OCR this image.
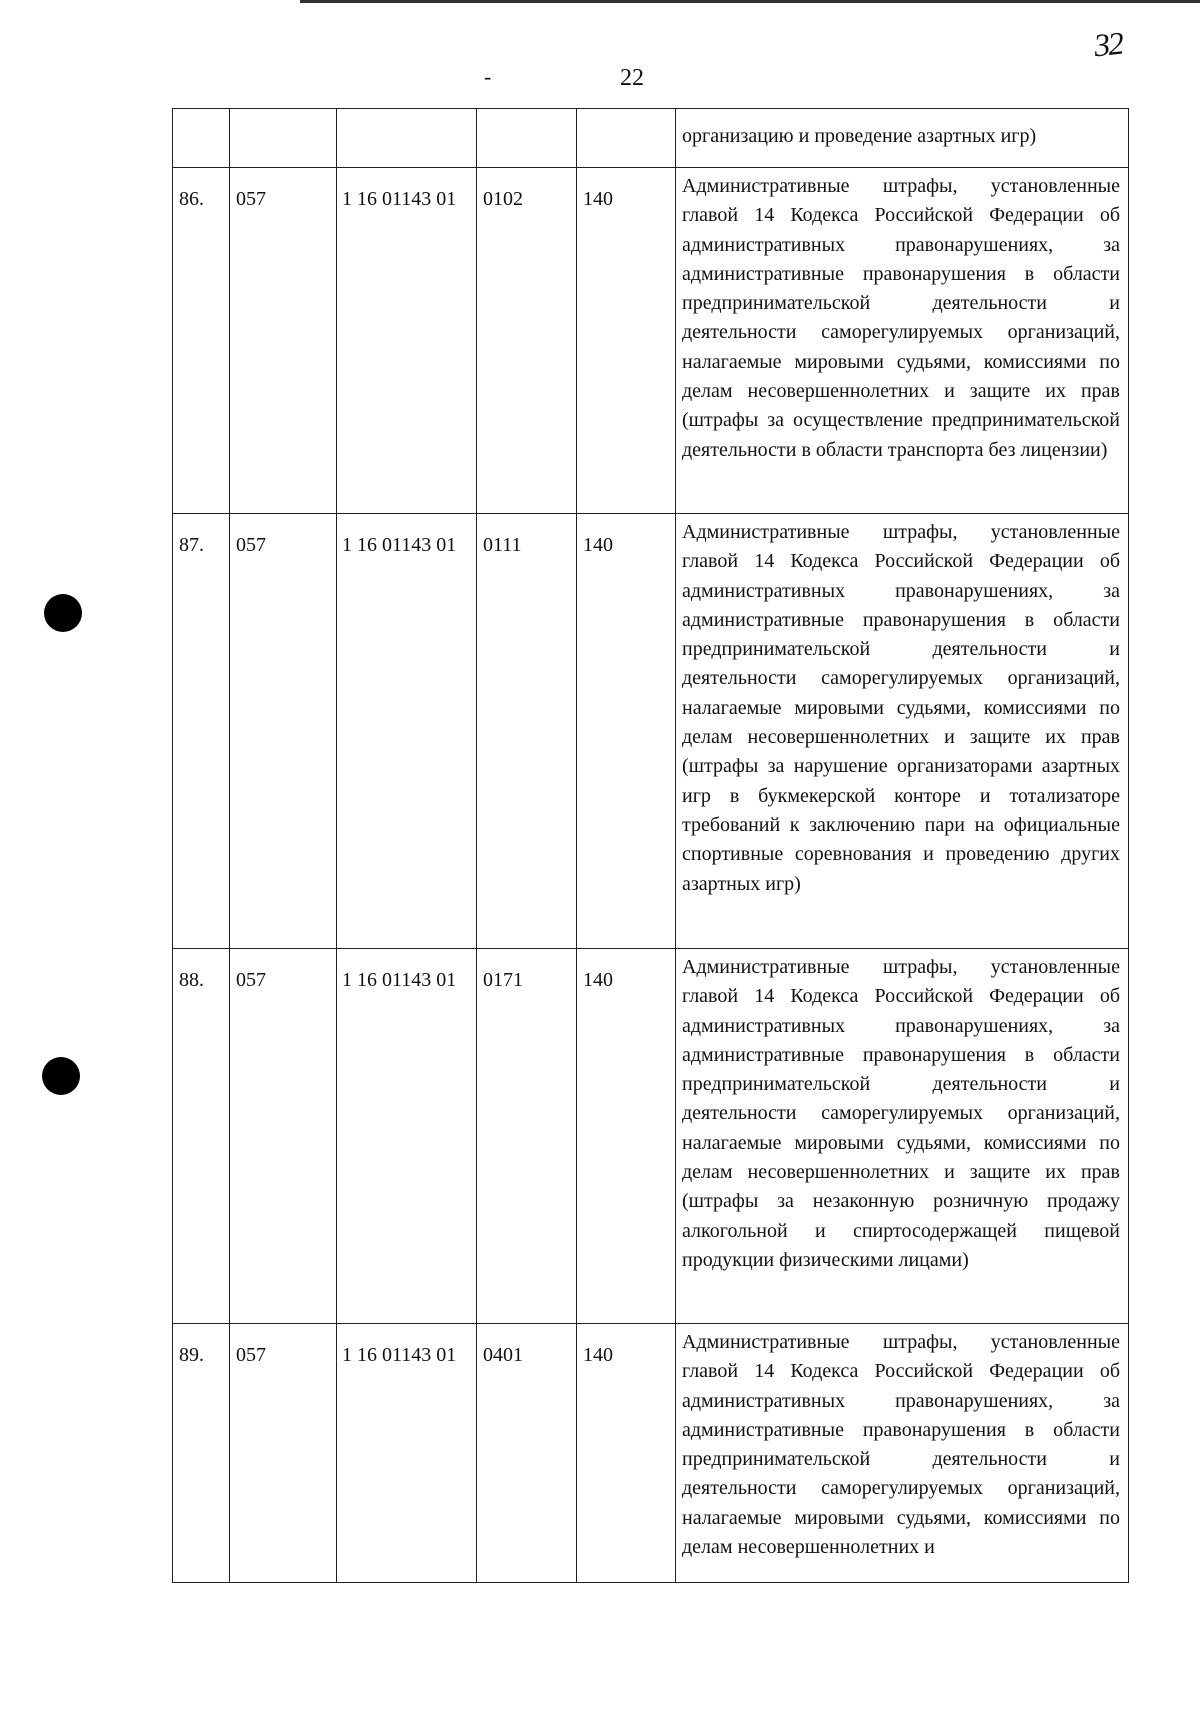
-	22
32
					организацию и проведение азартных игр)
86.	057	1 16 01143 01	0102	140	Административные штрафы, установленные главой 14 Кодекса Российской Федерации об административных правонарушениях, за административные правонарушения в области предпринимательской деятельности и деятельности саморегулируемых организаций, налагаемые мировыми судьями, комиссиями по делам несовершеннолетних и защите их прав (штрафы за осуществление предпринимательской деятельности в области транспорта без лицензии)
87.	057	1 16 01143 01	0111	140	Административные штрафы, установленные главой 14 Кодекса Российской Федерации об административных правонарушениях, за административные правонарушения в области предпринимательской деятельности и деятельности саморегулируемых организаций, налагаемые мировыми судьями, комиссиями по делам несовершеннолетних и защите их прав (штрафы за нарушение организаторами азартных игр в букмекерской конторе и тотализаторе требований к заключению пари на официальные спортивные соревнования и проведению других азартных игр)
88.	057	1 16 01143 01	0171	140	Административные штрафы, установленные главой 14 Кодекса Российской Федерации об административных правонарушениях, за административные правонарушения в области предпринимательской деятельности и деятельности саморегулируемых организаций, налагаемые мировыми судьями, комиссиями по делам несовершеннолетних и защите их прав (штрафы за незаконную розничную продажу алкогольной и спиртосодержащей пищевой продукции физическими лицами)
89.	057	1 16 01143 01	0401	140	Административные штрафы, установленные главой 14 Кодекса Российской Федерации об административных правонарушениях, за административные правонарушения в области предпринимательской деятельности и деятельности саморегулируемых организаций, налагаемые мировыми судьями, комиссиями по делам несовершеннолетних и
